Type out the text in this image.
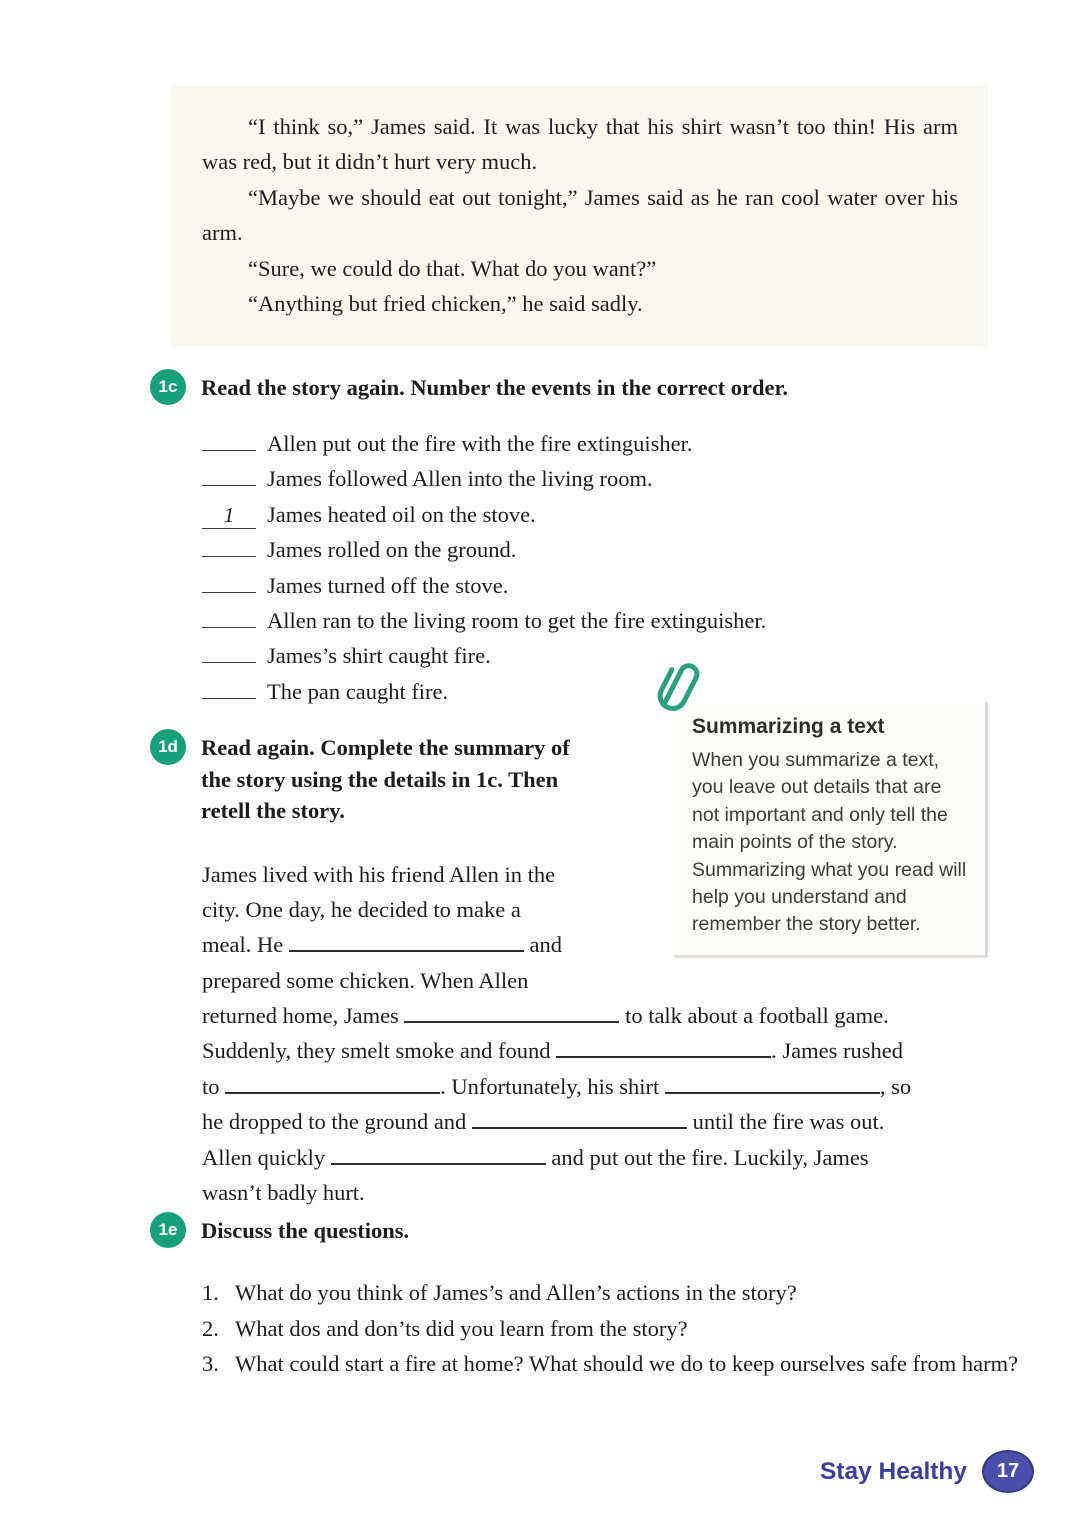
“I think so,” James said. It was lucky that his shirt wasn’t too thin! His arm was red, but it didn’t hurt very much.

“Maybe we should eat out tonight,” James said as he ran cool water over his arm.

“Sure, we could do that. What do you want?”

“Anything but fried chicken,” he said sadly.

1c	Read the story again. Number the events in the correct order.
Allen put out the fire with the fire extinguisher.
James followed Allen into the living room.
1	James heated oil on the stove.
James rolled on the ground.
James turned off the stove.
Allen ran to the living room to get the fire extinguisher.
James’s shirt caught fire.
The pan caught fire.
Summarizing a text

When you summarize a text, you leave out details that are not important and only tell the main points of the story. Summarizing what you read will help you understand and remember the story better.

1d	Read again. Complete the summary of the story using the details in 1c. Then retell the story.
James lived with his friend Allen in the
city. One day, he decided to make a
meal. He	and
prepared some chicken. When Allen
returned home, James	to talk about a football game.
Suddenly, they smelt smoke and found	. James rushed
to	. Unfortunately, his shirt	, so
he dropped to the ground and	until the fire was out.
Allen quickly	and put out the fire. Luckily, James
wasn’t badly hurt.
1e	Discuss the questions.
1. What do you think of James’s and Allen’s actions in the story?
2. What dos and don’ts did you learn from the story?
3. What could start a fire at home? What should we do to keep ourselves safe from harm?
Stay Healthy	17
